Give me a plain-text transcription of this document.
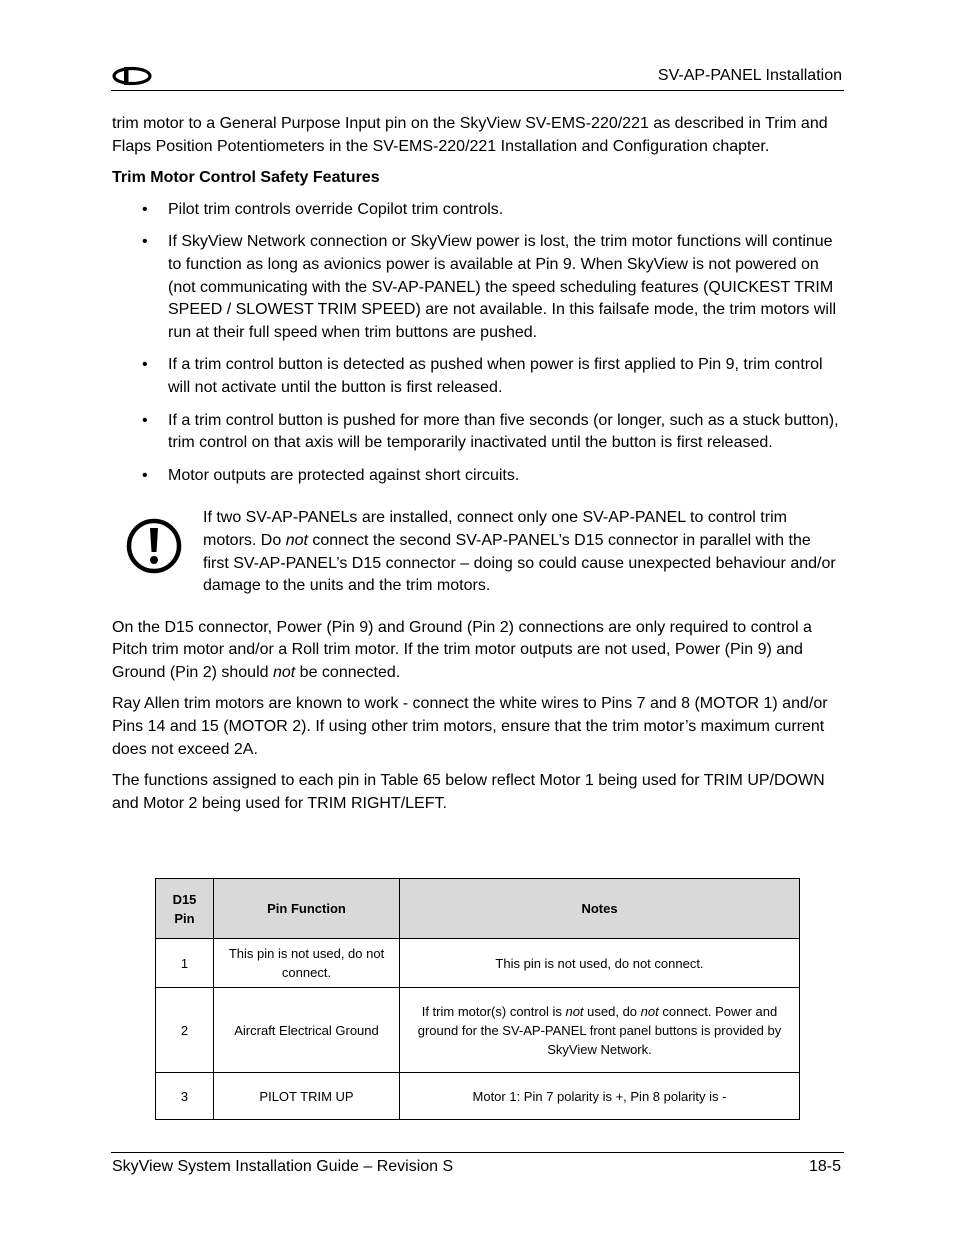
SV-AP-PANEL Installation

trim motor to a General Purpose Input pin on the SkyView SV-EMS-220/221 as described in Trim and Flaps Position Potentiometers in the SV-EMS-220/221 Installation and Configuration chapter.

Trim Motor Control Safety Features

• Pilot trim controls override Copilot trim controls.
• If SkyView Network connection or SkyView power is lost, the trim motor functions will continue to function as long as avionics power is available at Pin 9. When SkyView is not powered on (not communicating with the SV-AP-PANEL) the speed scheduling features (QUICKEST TRIM SPEED / SLOWEST TRIM SPEED) are not available. In this failsafe mode, the trim motors will run at their full speed when trim buttons are pushed.
• If a trim control button is detected as pushed when power is first applied to Pin 9, trim control will not activate until the button is first released.
• If a trim control button is pushed for more than five seconds (or longer, such as a stuck button), trim control on that axis will be temporarily inactivated until the button is first released.
• Motor outputs are protected against short circuits.
If two SV-AP-PANELs are installed, connect only one SV-AP-PANEL to control trim motors. Do not connect the second SV-AP-PANEL’s D15 connector in parallel with the first SV-AP-PANEL’s D15 connector – doing so could cause unexpected behaviour and/or damage to the units and the trim motors.

On the D15 connector, Power (Pin 9) and Ground (Pin 2) connections are only required to control a Pitch trim motor and/or a Roll trim motor. If the trim motor outputs are not used, Power (Pin 9) and Ground (Pin 2) should not be connected.

Ray Allen trim motors are known to work - connect the white wires to Pins 7 and 8 (MOTOR 1) and/or Pins 14 and 15 (MOTOR 2). If using other trim motors, ensure that the trim motor’s maximum current does not exceed 2A.

The functions assigned to each pin in Table 65 below reflect Motor 1 being used for TRIM UP/DOWN and Motor 2 being used for TRIM RIGHT/LEFT.

D15
Pin	Pin Function	Notes
1	This pin is not used, do not connect.	This pin is not used, do not connect.
2	Aircraft Electrical Ground	If trim motor(s) control is not used, do not connect. Power and ground for the SV-AP-PANEL front panel buttons is provided by SkyView Network.
3	PILOT TRIM UP	Motor 1: Pin 7 polarity is +, Pin 8 polarity is -
SkyView System Installation Guide – Revision S	18-5
